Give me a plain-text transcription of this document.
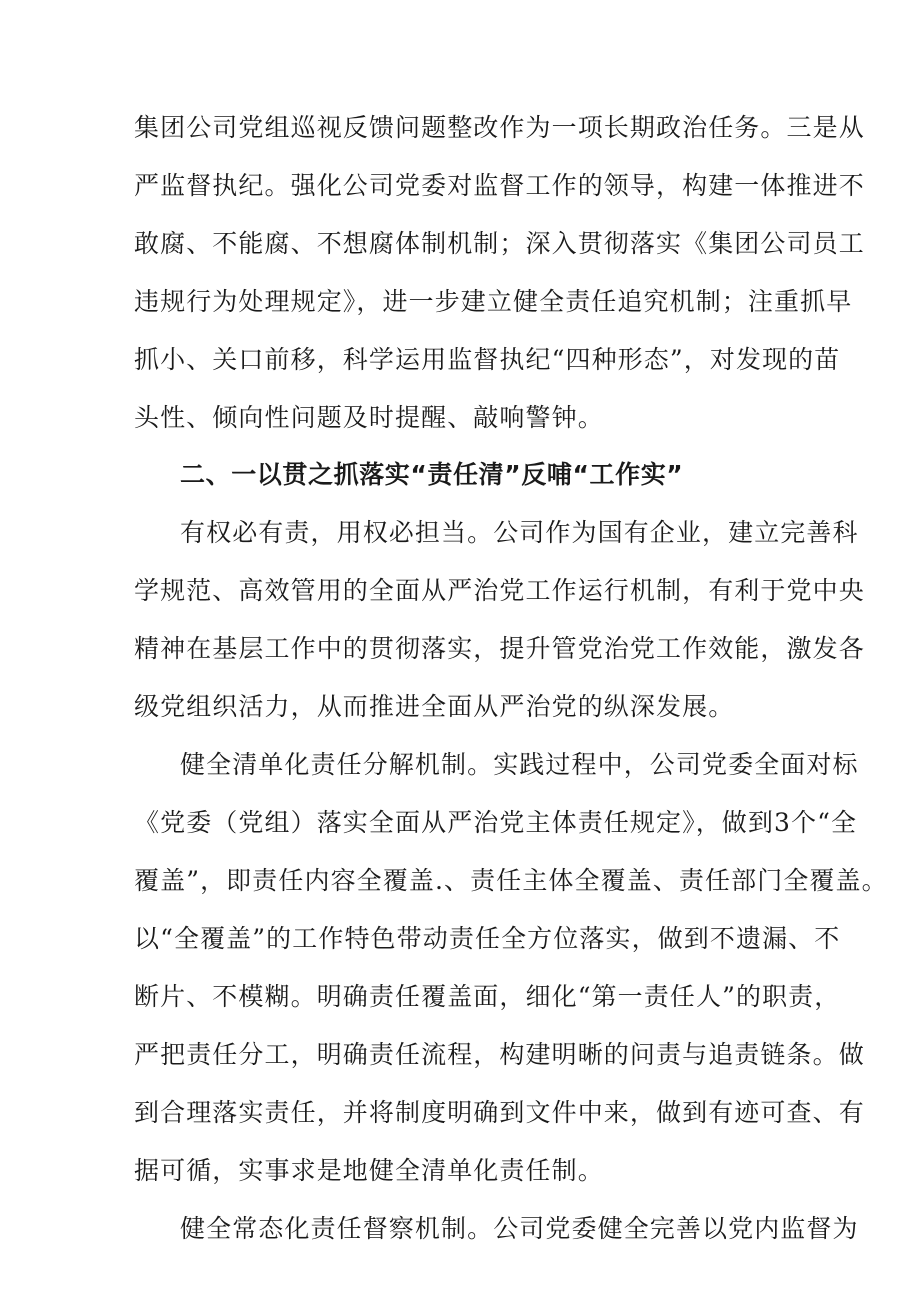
集团公司党组巡视反馈问题整改作为一项长期政治任务。三是从
严监督执纪。强化公司党委对监督工作的领导，构建一体推进不
敢腐、不能腐、不想腐体制机制；深入贯彻落实《集团公司员工
违规行为处理规定》，进一步建立健全责任追究机制；注重抓早
抓小、关口前移，科学运用监督执纪“四种形态”，对发现的苗
头性、倾向性问题及时提醒、敲响警钟。
二、一以贯之抓落实“责任清”反哺“工作实”
有权必有责，用权必担当。公司作为国有企业，建立完善科
学规范、高效管用的全面从严治党工作运行机制，有利于党中央
精神在基层工作中的贯彻落实，提升管党治党工作效能，激发各
级党组织活力，从而推进全面从严治党的纵深发展。
健全清单化责任分解机制。实践过程中，公司党委全面对标
《党委（党组）落实全面从严治党主体责任规定》，做到3个“全
覆盖”，即责任内容全覆盖.、责任主体全覆盖、责任部门全覆盖。
以“全覆盖”的工作特色带动责任全方位落实，做到不遗漏、不
断片、不模糊。明确责任覆盖面，细化“第一责任人”的职责，
严把责任分工，明确责任流程，构建明晰的问责与追责链条。做
到合理落实责任，并将制度明确到文件中来，做到有迹可查、有
据可循，实事求是地健全清单化责任制。
健全常态化责任督察机制。公司党委健全完善以党内监督为
